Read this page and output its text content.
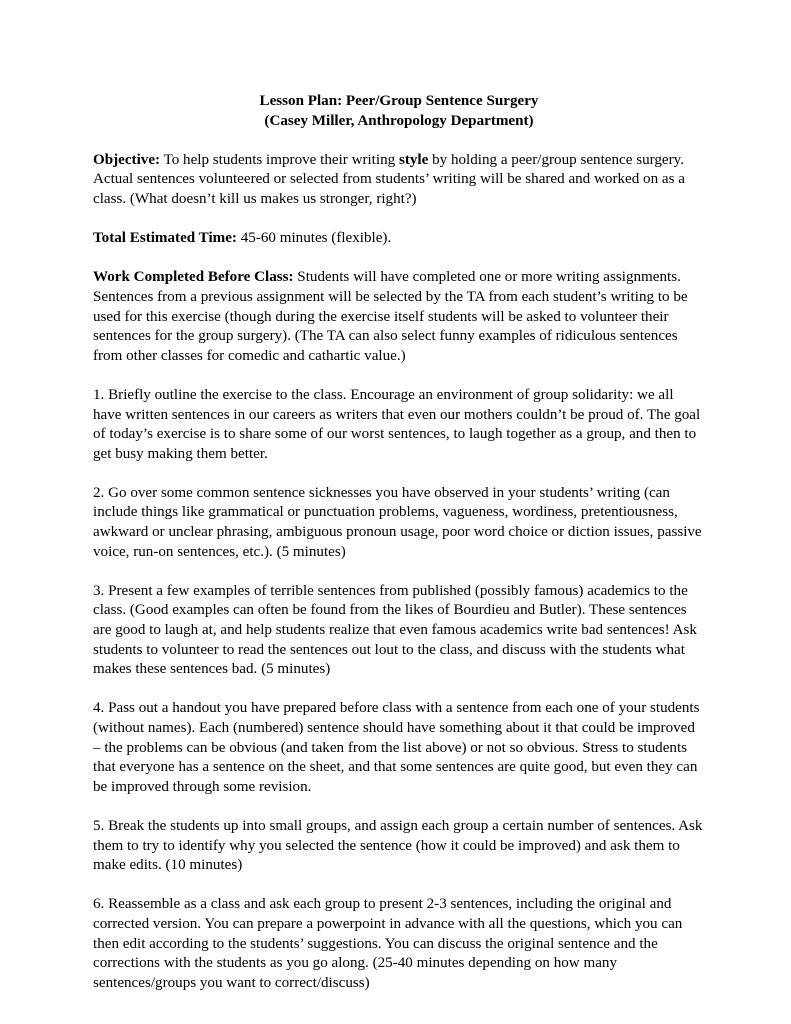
Lesson Plan: Peer/Group Sentence Surgery
(Casey Miller, Anthropology Department)

Objective: To help students improve their writing style by holding a peer/group sentence surgery. Actual sentences volunteered or selected from students’ writing will be shared and worked on as a class. (What doesn’t kill us makes us stronger, right?)

Total Estimated Time: 45-60 minutes (flexible).

Work Completed Before Class: Students will have completed one or more writing assignments. Sentences from a previous assignment will be selected by the TA from each student’s writing to be used for this exercise (though during the exercise itself students will be asked to volunteer their sentences for the group surgery). (The TA can also select funny examples of ridiculous sentences from other classes for comedic and cathartic value.)

1. Briefly outline the exercise to the class. Encourage an environment of group solidarity: we all have written sentences in our careers as writers that even our mothers couldn’t be proud of. The goal of today’s exercise is to share some of our worst sentences, to laugh together as a group, and then to get busy making them better.

2. Go over some common sentence sicknesses you have observed in your students’ writing (can include things like grammatical or punctuation problems, vagueness, wordiness, pretentiousness, awkward or unclear phrasing, ambiguous pronoun usage, poor word choice or diction issues, passive voice, run-on sentences, etc.). (5 minutes)

3. Present a few examples of terrible sentences from published (possibly famous) academics to the class. (Good examples can often be found from the likes of Bourdieu and Butler). These sentences are good to laugh at, and help students realize that even famous academics write bad sentences! Ask students to volunteer to read the sentences out lout to the class, and discuss with the students what makes these sentences bad. (5 minutes)

4. Pass out a handout you have prepared before class with a sentence from each one of your students (without names). Each (numbered) sentence should have something about it that could be improved – the problems can be obvious (and taken from the list above) or not so obvious. Stress to students that everyone has a sentence on the sheet, and that some sentences are quite good, but even they can be improved through some revision.

5. Break the students up into small groups, and assign each group a certain number of sentences. Ask them to try to identify why you selected the sentence (how it could be improved) and ask them to make edits. (10 minutes)

6. Reassemble as a class and ask each group to present 2-3 sentences, including the original and corrected version. You can prepare a powerpoint in advance with all the questions, which you can then edit according to the students’ suggestions. You can discuss the original sentence and the corrections with the students as you go along. (25-40 minutes depending on how many sentences/groups you want to correct/discuss)
